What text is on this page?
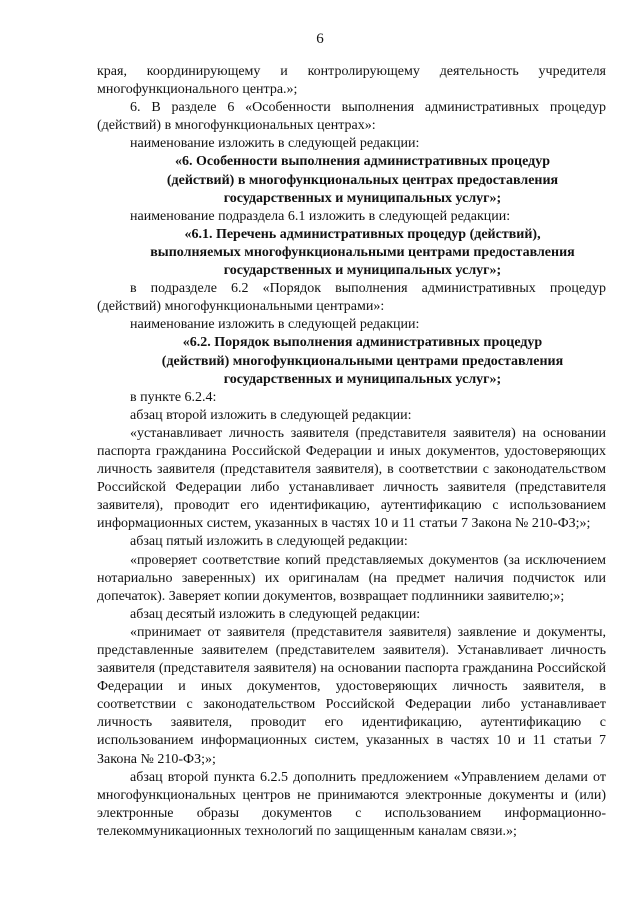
6

края, координирующему и контролирующему деятельность учредителя многофункционального центра.»;

6. В разделе 6 «Особенности выполнения административных процедур (действий) в многофункциональных центрах»:

наименование изложить в следующей редакции:

«6. Особенности выполнения административных процедур (действий) в многофункциональных центрах предоставления государственных и муниципальных услуг»;

наименование подраздела 6.1 изложить в следующей редакции:

«6.1. Перечень административных процедур (действий), выполняемых многофункциональными центрами предоставления государственных и муниципальных услуг»;

в подразделе 6.2 «Порядок выполнения административных процедур (действий) многофункциональными центрами»:

наименование изложить в следующей редакции:

«6.2. Порядок выполнения административных процедур (действий) многофункциональными центрами предоставления государственных и муниципальных услуг»;

в пункте 6.2.4:

абзац второй изложить в следующей редакции:

«устанавливает личность заявителя (представителя заявителя) на основании паспорта гражданина Российской Федерации и иных документов, удостоверяющих личность заявителя (представителя заявителя), в соответствии с законодательством Российской Федерации либо устанавливает личность заявителя (представителя заявителя), проводит его идентификацию, аутентификацию с использованием информационных систем, указанных в частях 10 и 11 статьи 7 Закона № 210-ФЗ;»;

абзац пятый изложить в следующей редакции:

«проверяет соответствие копий представляемых документов (за исключением нотариально заверенных) их оригиналам (на предмет наличия подчисток или допечаток). Заверяет копии документов, возвращает подлинники заявителю;»;

абзац десятый изложить в следующей редакции:

«принимает от заявителя (представителя заявителя) заявление и документы, представленные заявителем (представителем заявителя). Устанавливает личность заявителя (представителя заявителя) на основании паспорта гражданина Российской Федерации и иных документов, удостоверяющих личность заявителя, в соответствии с законодательством Российской Федерации либо устанавливает личность заявителя, проводит его идентификацию, аутентификацию с использованием информационных систем, указанных в частях 10 и 11 статьи 7 Закона № 210-ФЗ;»;

абзац второй пункта 6.2.5 дополнить предложением «Управлением делами от многофункциональных центров не принимаются электронные документы и (или) электронные образы документов с использованием информационно-телекоммуникационных технологий по защищенным каналам связи.»;
